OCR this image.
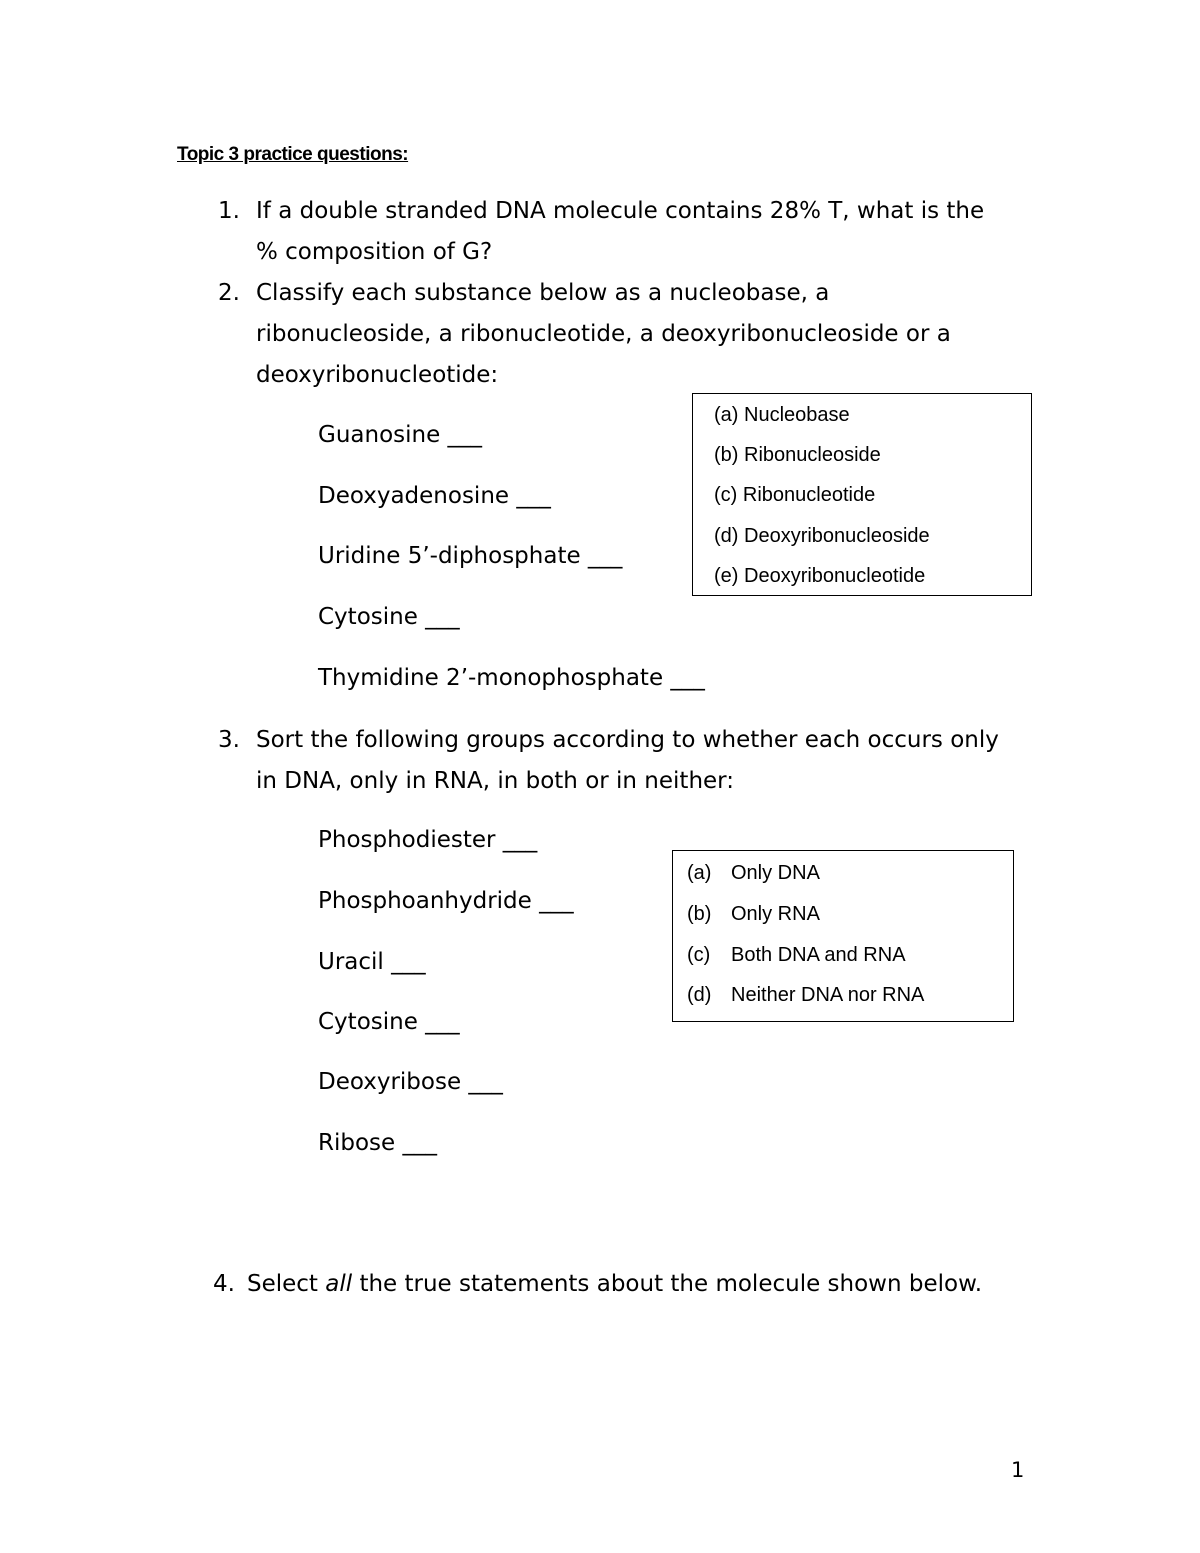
Topic 3 practice questions:
1. If a double stranded DNA molecule contains 28% T, what is the
% composition of G?
2. Classify each substance below as a nucleobase, a
ribonucleoside, a ribonucleotide, a deoxyribonucleoside or a
deoxyribonucleotide:
Guanosine ___
Deoxyadenosine ___
Uridine 5’-diphosphate ___
Cytosine ___
Thymidine 2’-monophosphate ___
(a) Nucleobase
(b) Ribonucleoside
(c) Ribonucleotide
(d) Deoxyribonucleoside
(e) Deoxyribonucleotide
3. Sort the following groups according to whether each occurs only
in DNA, only in RNA, in both or in neither:
Phosphodiester ___
Phosphoanhydride ___
Uracil ___
Cytosine ___
Deoxyribose ___
Ribose ___
(a) Only DNA
(b) Only RNA
(c) Both DNA and RNA
(d) Neither DNA nor RNA
4. Select all the true statements about the molecule shown below.
1
